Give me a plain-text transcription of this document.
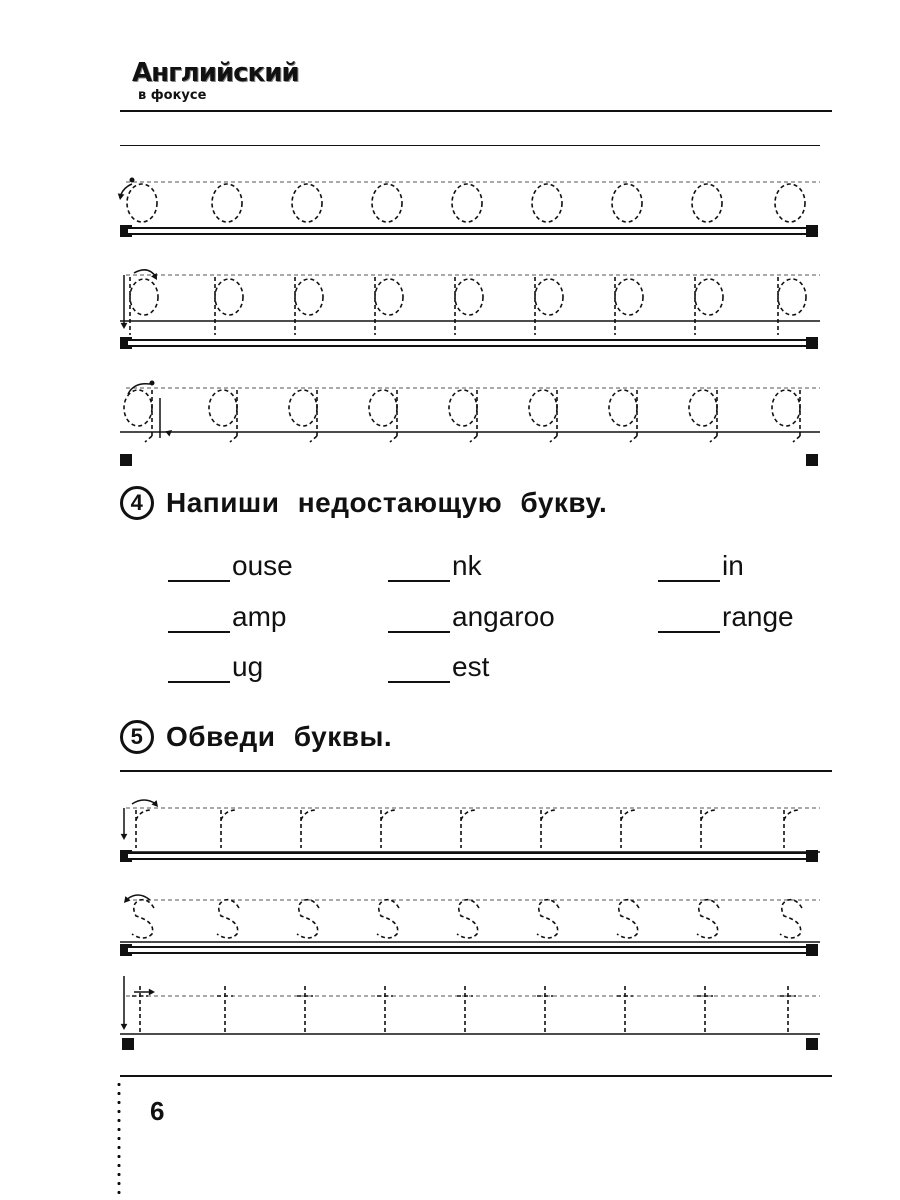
Английский
в фокусе
4 Напиши недостающую букву.
ouse	nk	in
amp	angaroo	range
ug	est
5 Обведи буквы.
6
